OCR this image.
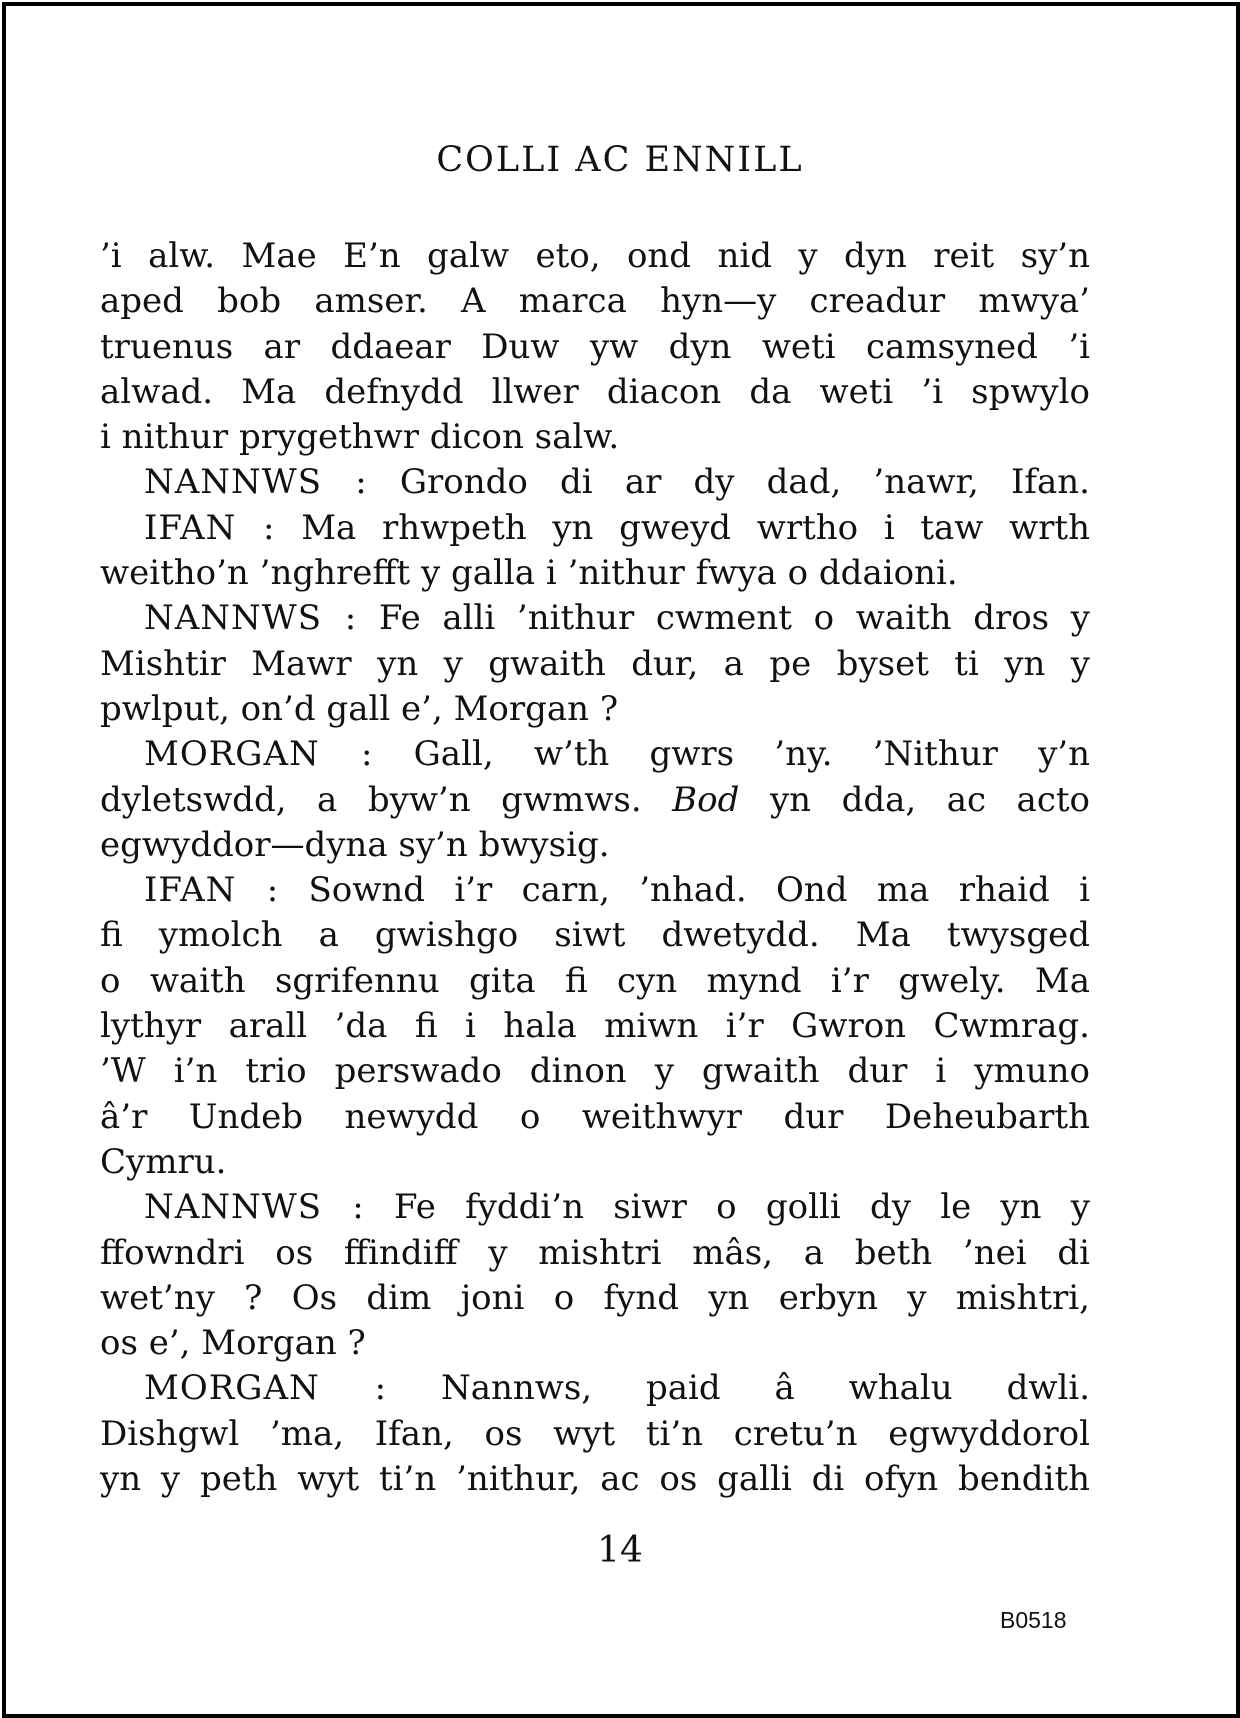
COLLI AC ENNILL
’i alw. Mae E’n galw eto, ond nid y dyn reit sy’n
aped bob amser. A marca hyn—y creadur mwya’
truenus ar ddaear Duw yw dyn weti camsyned ’i
alwad. Ma defnydd llwer diacon da weti ’i spwylo
i nithur prygethwr dicon salw.
NANNWS : Grondo di ar dy dad, ’nawr, Ifan.
IFAN : Ma rhwpeth yn gweyd wrtho i taw wrth
weitho’n ’nghrefft y galla i ’nithur fwya o ddaioni.
NANNWS : Fe alli ’nithur cwment o waith dros y
Mishtir Mawr yn y gwaith dur, a pe byset ti yn y
pwlput, on’d gall e’, Morgan ?
MORGAN : Gall, w’th gwrs ’ny. ’Nithur y’n
dyletswdd, a byw’n gwmws. Bod yn dda, ac acto
egwyddor—dyna sy’n bwysig.
IFAN : Sownd i’r carn, ’nhad. Ond ma rhaid i
fi ymolch a gwishgo siwt dwetydd. Ma twysged
o waith sgrifennu gita fi cyn mynd i’r gwely. Ma
lythyr arall ’da fi i hala miwn i’r Gwron Cwmrag.
’W i’n trio perswado dinon y gwaith dur i ymuno
â’r Undeb newydd o weithwyr dur Deheubarth
Cymru.
NANNWS : Fe fyddi’n siwr o golli dy le yn y
ffowndri os ffindiff y mishtri mâs, a beth ’nei di
wet’ny ? Os dim joni o fynd yn erbyn y mishtri,
os e’, Morgan ?
MORGAN : Nannws, paid â whalu dwli.
Dishgwl ’ma, Ifan, os wyt ti’n cretu’n egwyddorol
yn y peth wyt ti’n ’nithur, ac os galli di ofyn bendith
14
B0518
